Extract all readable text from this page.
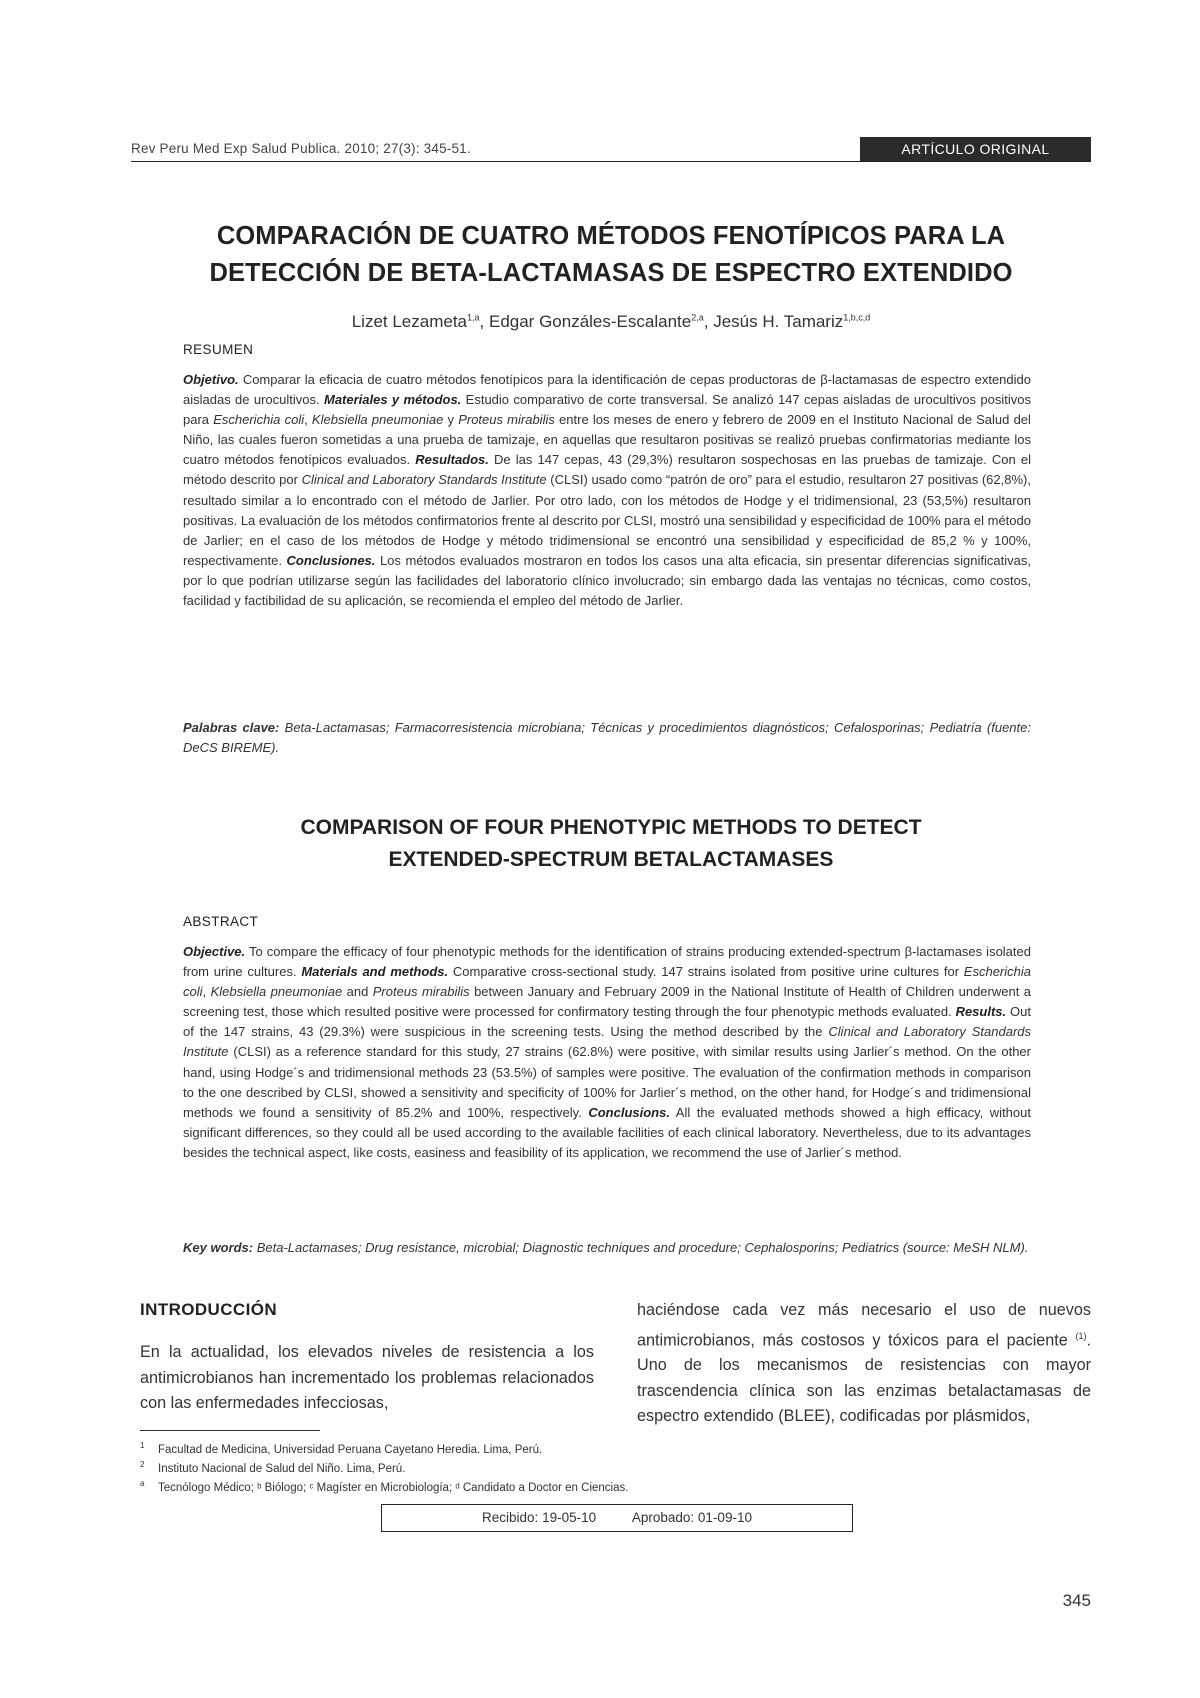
Rev Peru Med Exp Salud Publica. 2010; 27(3): 345-51.	ARTÍCULO ORIGINAL
COMPARACIÓN DE CUATRO MÉTODOS FENOTÍPICOS PARA LA
DETECCIÓN DE BETA-LACTAMASAS DE ESPECTRO EXTENDIDO
Lizet Lezameta$^{1,a}$, Edgar Gonzáles-Escalante$^{2,a}$, Jesús H. Tamariz$^{1,b,c,d}$
RESUMEN

Objetivo. Comparar la eficacia de cuatro métodos fenotípicos para la identificación de cepas productoras de β-lactamasas de espectro extendido aisladas de urocultivos. Materiales y métodos. Estudio comparativo de corte transversal. Se analizó 147 cepas aisladas de urocultivos positivos para Escherichia coli, Klebsiella pneumoniae y Proteus mirabilis entre los meses de enero y febrero de 2009 en el Instituto Nacional de Salud del Niño, las cuales fueron sometidas a una prueba de tamizaje, en aquellas que resultaron positivas se realizó pruebas confirmatorias mediante los cuatro métodos fenotípicos evaluados. Resultados. De las 147 cepas, 43 (29,3%) resultaron sospechosas en las pruebas de tamizaje. Con el método descrito por Clinical and Laboratory Standards Institute (CLSI) usado como “patrón de oro” para el estudio, resultaron 27 positivas (62,8%), resultado similar a lo encontrado con el método de Jarlier. Por otro lado, con los métodos de Hodge y el tridimensional, 23 (53,5%) resultaron positivas. La evaluación de los métodos confirmatorios frente al descrito por CLSI, mostró una sensibilidad y especificidad de 100% para el método de Jarlier; en el caso de los métodos de Hodge y método tridimensional se encontró una sensibilidad y especificidad de 85,2 % y 100%, respectivamente. Conclusiones. Los métodos evaluados mostraron en todos los casos una alta eficacia, sin presentar diferencias significativas, por lo que podrían utilizarse según las facilidades del laboratorio clínico involucrado; sin embargo dada las ventajas no técnicas, como costos, facilidad y factibilidad de su aplicación, se recomienda el empleo del método de Jarlier.

Palabras clave: Beta-Lactamasas; Farmacorresistencia microbiana; Técnicas y procedimientos diagnósticos; Cefalosporinas; Pediatría (fuente: DeCS BIREME).

COMPARISON OF FOUR PHENOTYPIC METHODS TO DETECT
EXTENDED-SPECTRUM BETALACTAMASES
ABSTRACT

Objective. To compare the efficacy of four phenotypic methods for the identification of strains producing extended-spectrum β-lactamases isolated from urine cultures. Materials and methods. Comparative cross-sectional study. 147 strains isolated from positive urine cultures for Escherichia coli, Klebsiella pneumoniae and Proteus mirabilis between January and February 2009 in the National Institute of Health of Children underwent a screening test, those which resulted positive were processed for confirmatory testing through the four phenotypic methods evaluated. Results. Out of the 147 strains, 43 (29.3%) were suspicious in the screening tests. Using the method described by the Clinical and Laboratory Standards Institute (CLSI) as a reference standard for this study, 27 strains (62.8%) were positive, with similar results using Jarlier´s method. On the other hand, using Hodge´s and tridimensional methods 23 (53.5%) of samples were positive. The evaluation of the confirmation methods in comparison to the one described by CLSI, showed a sensitivity and specificity of 100% for Jarlier´s method, on the other hand, for Hodge´s and tridimensional methods we found a sensitivity of 85.2% and 100%, respectively. Conclusions. All the evaluated methods showed a high efficacy, without significant differences, so they could all be used according to the available facilities of each clinical laboratory. Nevertheless, due to its advantages besides the technical aspect, like costs, easiness and feasibility of its application, we recommend the use of Jarlier´s method.

Key words: Beta-Lactamases; Drug resistance, microbial; Diagnostic techniques and procedure; Cephalosporins; Pediatrics (source: MeSH NLM).

INTRODUCCIÓN

En la actualidad, los elevados niveles de resistencia a los antimicrobianos han incrementado los problemas relacionados con las enfermedades infecciosas,

haciéndose cada vez más necesario el uso de nuevos antimicrobianos, más costosos y tóxicos para el paciente $^{(1)}$. Uno de los mecanismos de resistencias con mayor trascendencia clínica son las enzimas betalactamasas de espectro extendido (BLEE), codificadas por plásmidos,

1 Facultad de Medicina, Universidad Peruana Cayetano Heredia. Lima, Perú.
2 Instituto Nacional de Salud del Niño. Lima, Perú.
a Tecnólogo Médico; ᵇ Biólogo; ᶜ Magíster en Microbiología; ᵈ Candidato a Doctor en Ciencias.
Recibido: 19-05-10	Aprobado: 01-09-10
345
